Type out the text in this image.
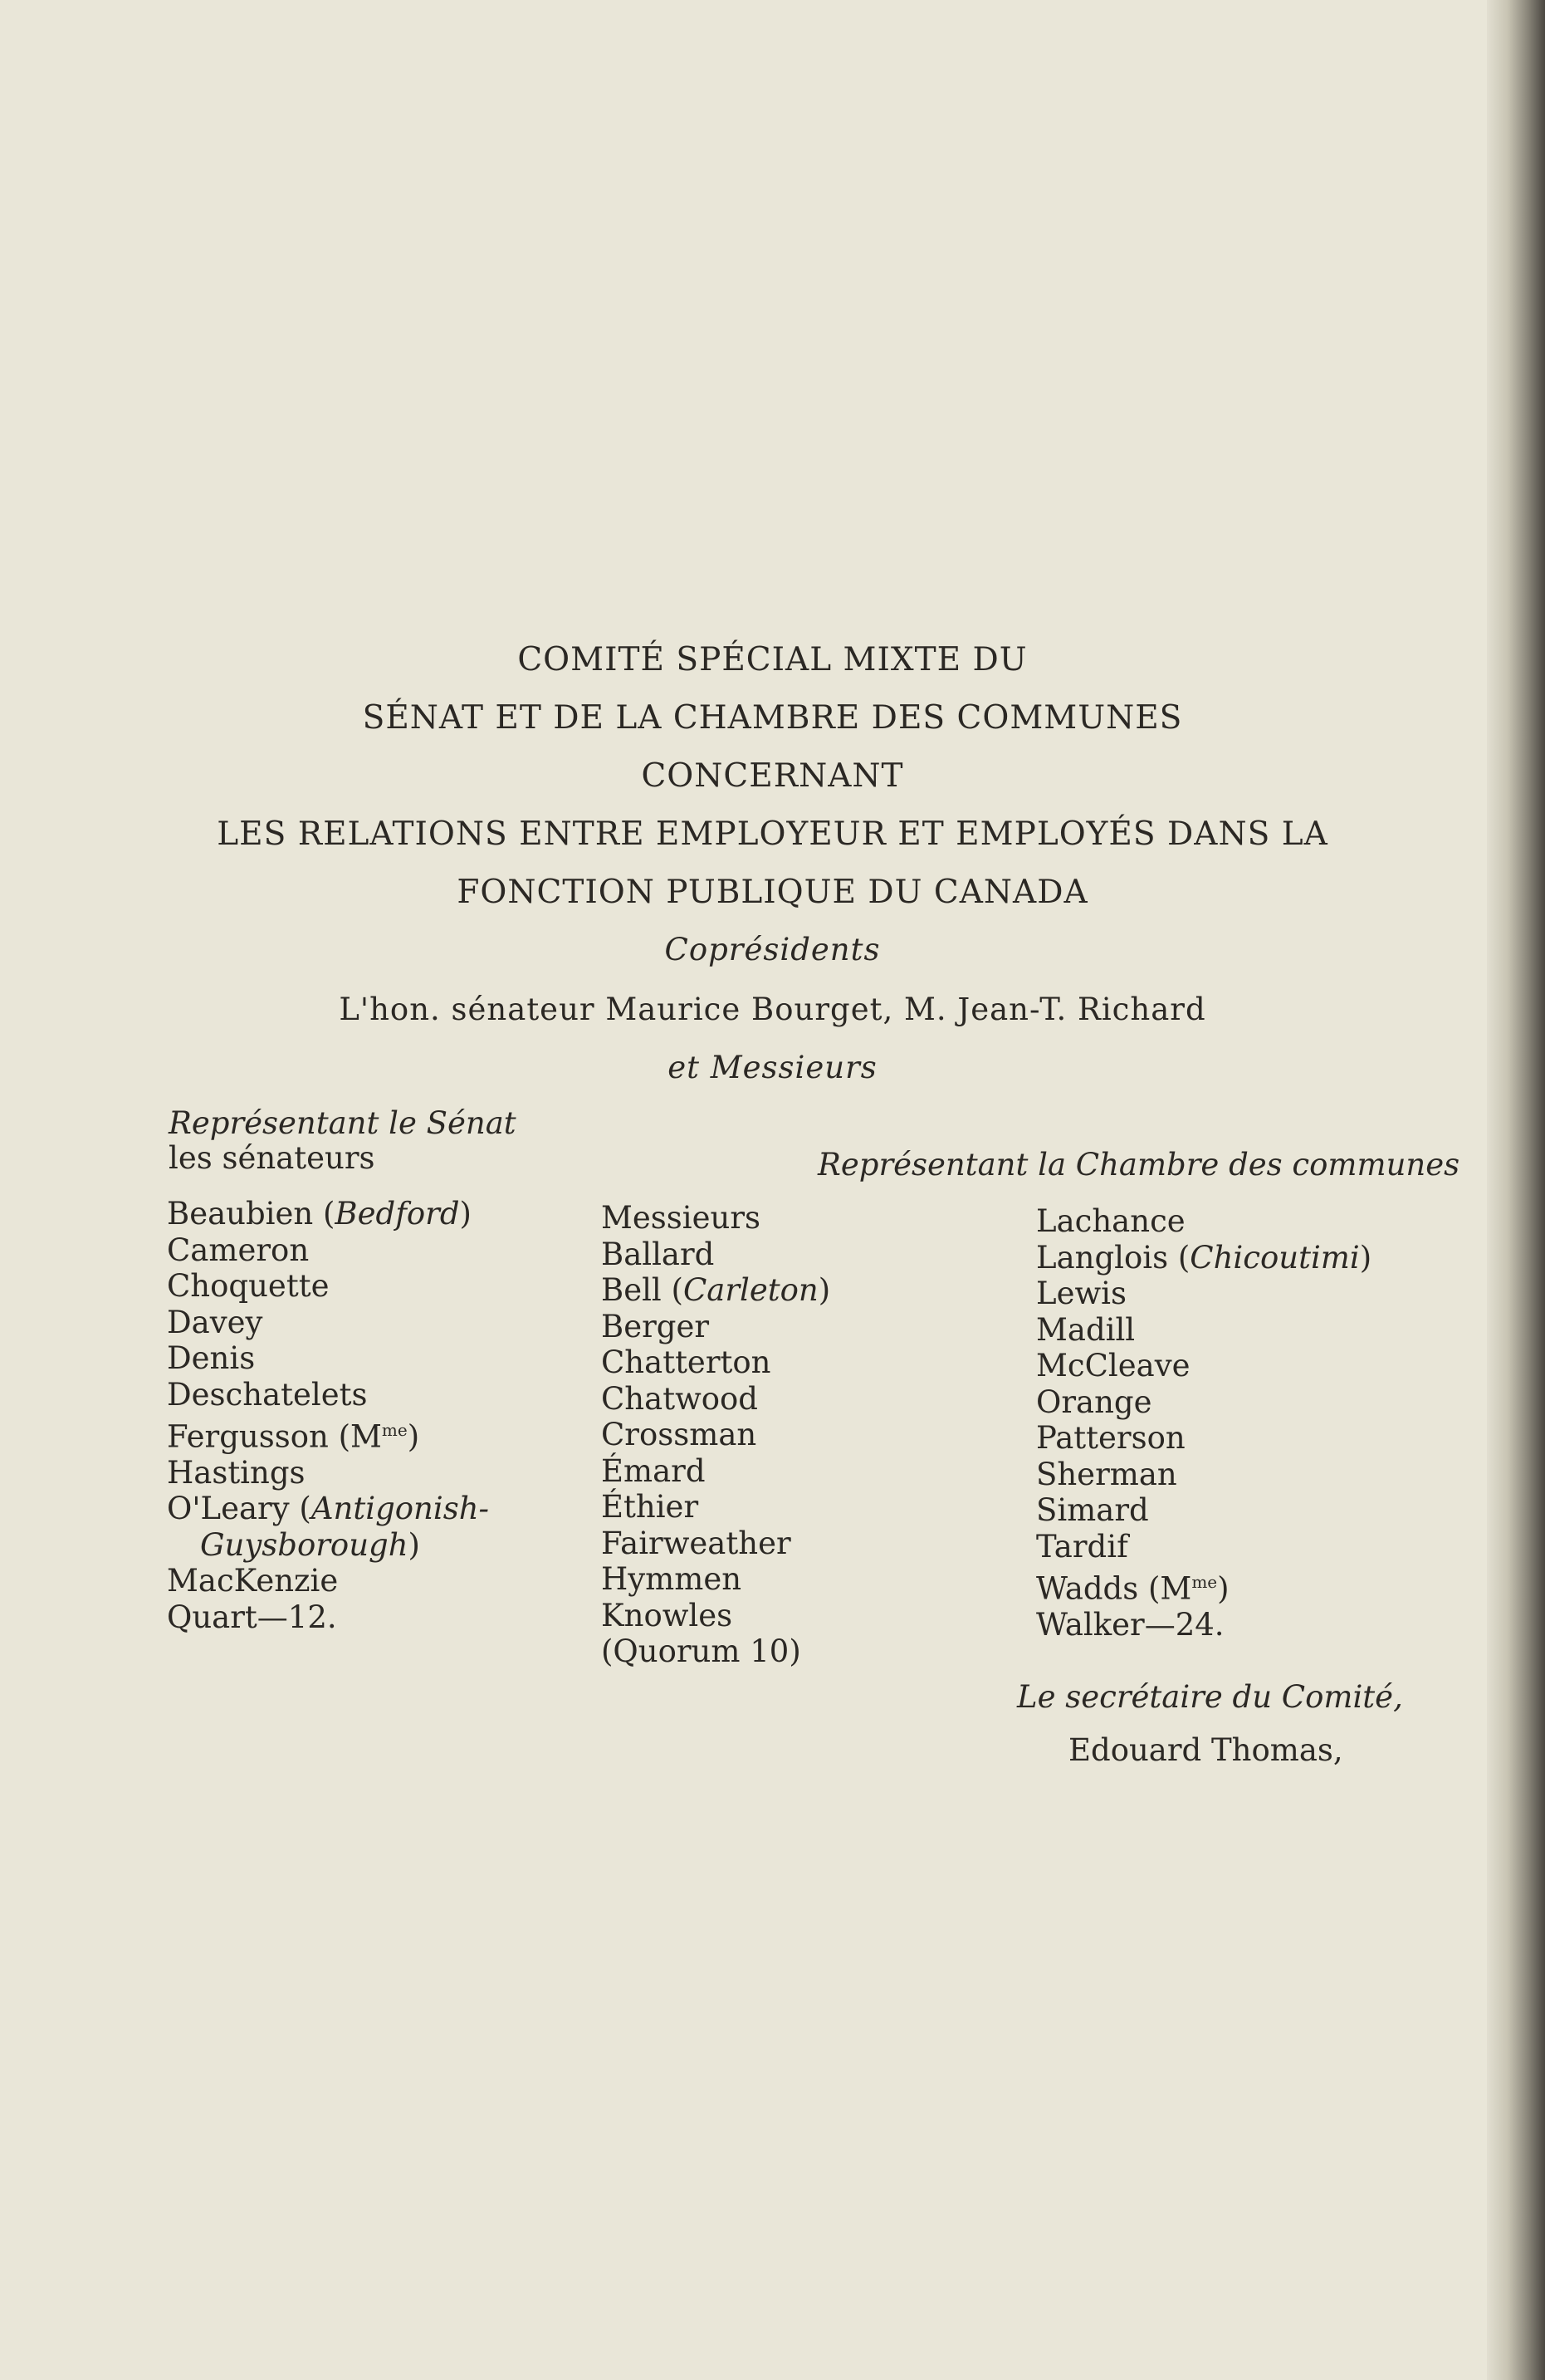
COMITÉ SPÉCIAL MIXTE DU
SÉNAT ET DE LA CHAMBRE DES COMMUNES
CONCERNANT
LES RELATIONS ENTRE EMPLOYEUR ET EMPLOYÉS DANS LA
FONCTION PUBLIQUE DU CANADA
Coprésidents
L'hon. sénateur Maurice Bourget, M. Jean-T. Richard
et Messieurs
Représentant le Sénat
les sénateurs	Représentant la Chambre des communes
Beaubien (Bedford)
Cameron
Choquette
Davey
Denis
Deschatelets
Fergusson $(M^{me})$
Hastings
O'Leary (Antigonish-
Guysborough)
MacKenzie
Quart—12.
Messieurs
Ballard
Bell (Carleton)
Berger
Chatterton
Chatwood
Crossman
Émard
Éthier
Fairweather
Hymmen
Knowles
(Quorum 10)
Lachance
Langlois (Chicoutimi)
Lewis
Madill
McCleave
Orange
Patterson
Sherman
Simard
Tardif
Wadds $(M^{me})$
Walker—24.
Le secrétaire du Comité,
Edouard Thomas,
